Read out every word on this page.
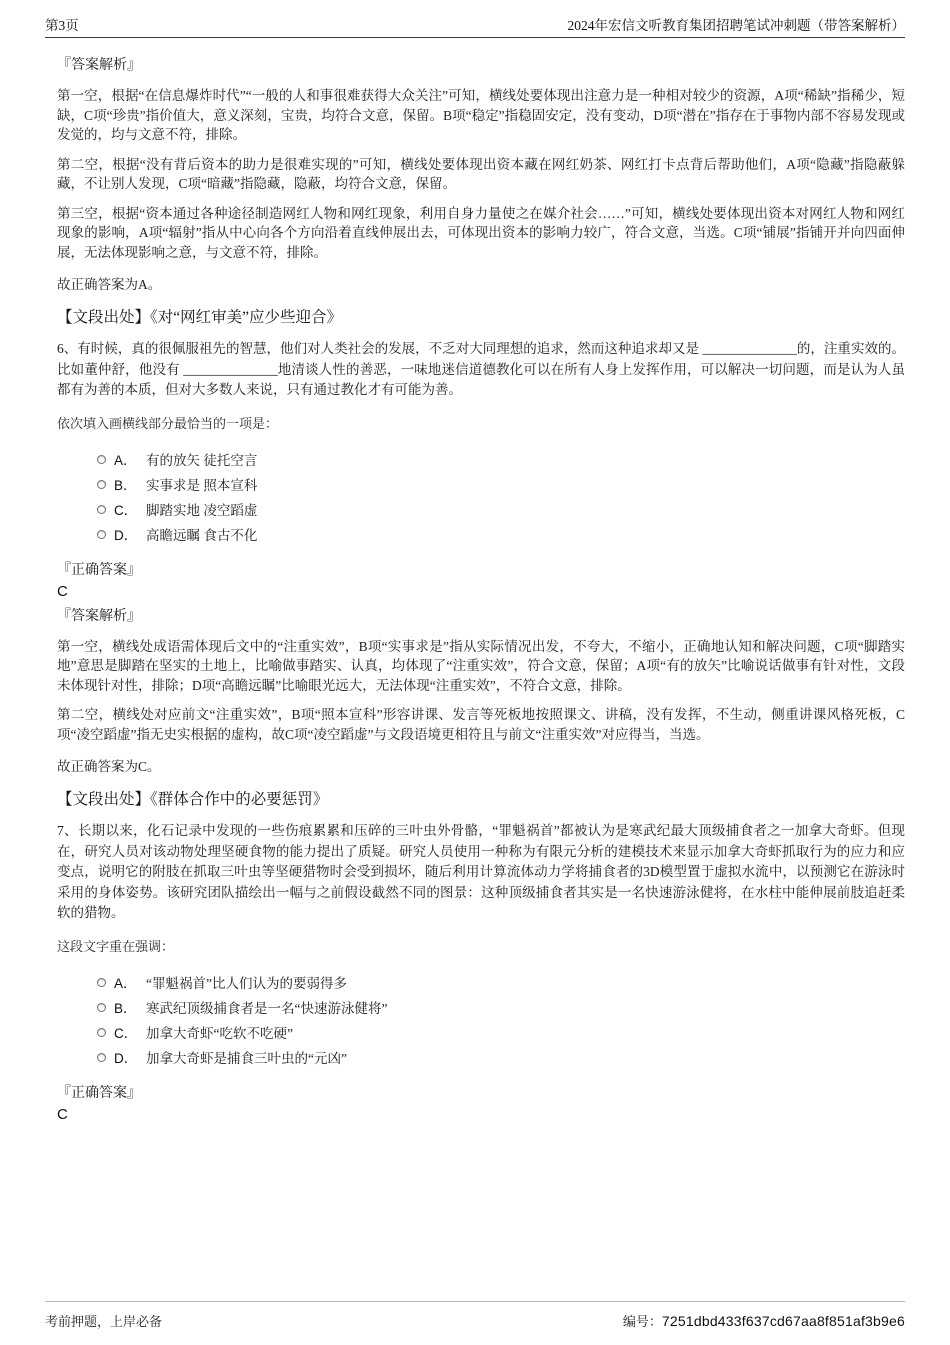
第3页	2024年宏信文听教育集团招聘笔试冲刺题（带答案解析）
『答案解析』
第一空，根据“在信息爆炸时代”“一般的人和事很难获得大众关注”可知，横线处要体现出注意力是一种相对较少的资源，A项“稀缺”指稀少，短缺，C项“珍贵”指价值大，意义深刻，宝贵，均符合文意，保留。B项“稳定”指稳固安定，没有变动，D项“潜在”指存在于事物内部不容易发现或发觉的，均与文意不符，排除。
第二空，根据“没有背后资本的助力是很难实现的”可知，横线处要体现出资本藏在网红奶茶、网红打卡点背后帮助他们，A项“隐藏”指隐蔽躲藏，不让别人发现，C项“暗藏”指隐藏，隐蔽，均符合文意，保留。
第三空，根据“资本通过各种途径制造网红人物和网红现象，利用自身力量使之在媒介社会……”可知，横线处要体现出资本对网红人物和网红现象的影响，A项“辐射”指从中心向各个方向沿着直线伸展出去，可体现出资本的影响力较广，符合文意，当选。C项“铺展”指铺开并向四面伸展，无法体现影响之意，与文意不符，排除。
故正确答案为A。
【文段出处】《对“网红审美”应少些迎合》
6、有时候，真的很佩服祖先的智慧，他们对人类社会的发展，不乏对大同理想的追求，然而这种追求却又是 ______________的，注重实效的。比如董仲舒，他没有 ______________地清谈人性的善恶，一味地迷信道德教化可以在所有人身上发挥作用，可以解决一切问题，而是认为人虽都有为善的本质，但对大多数人来说，只有通过教化才有可能为善。
依次填入画横线部分最恰当的一项是：
A． 有的放矢 徒托空言
B． 实事求是 照本宣科
C． 脚踏实地 凌空蹈虚
D． 高瞻远瞩 食古不化
『正确答案』
C
『答案解析』
第一空，横线处成语需体现后文中的“注重实效”，B项“实事求是”指从实际情况出发，不夸大，不缩小，正确地认知和解决问题，C项“脚踏实地”意思是脚踏在坚实的土地上，比喻做事踏实、认真，均体现了“注重实效”，符合文意，保留；A项“有的放矢”比喻说话做事有针对性，文段未体现针对性，排除；D项“高瞻远瞩”比喻眼光远大，无法体现“注重实效”，不符合文意，排除。
第二空，横线处对应前文“注重实效”，B项“照本宣科”形容讲课、发言等死板地按照课文、讲稿，没有发挥，不生动，侧重讲课风格死板，C项“凌空蹈虚”指无史实根据的虚构，故C项“凌空蹈虚”与文段语境更相符且与前文“注重实效”对应得当，当选。
故正确答案为C。
【文段出处】《群体合作中的必要惩罚》
7、长期以来，化石记录中发现的一些伤痕累累和压碎的三叶虫外骨骼，“罪魁祸首”都被认为是寒武纪最大顶级捕食者之一加拿大奇虾。但现在，研究人员对该动物处理坚硬食物的能力提出了质疑。研究人员使用一种称为有限元分析的建模技术来显示加拿大奇虾抓取行为的应力和应变点，说明它的附肢在抓取三叶虫等坚硬猎物时会受到损坏，随后利用计算流体动力学将捕食者的3D模型置于虚拟水流中，以预测它在游泳时采用的身体姿势。该研究团队描绘出一幅与之前假设截然不同的图景：这种顶级捕食者其实是一名快速游泳健将，在水柱中能伸展前肢追赶柔软的猎物。
这段文字重在强调：
A． “罪魁祸首”比人们认为的要弱得多
B． 寒武纪顶级捕食者是一名“快速游泳健将”
C． 加拿大奇虾“吃软不吃硬”
D． 加拿大奇虾是捕食三叶虫的“元凶”
『正确答案』
C
考前押题，上岸必备	编号：7251dbd433f637cd67aa8f851af3b9e6
